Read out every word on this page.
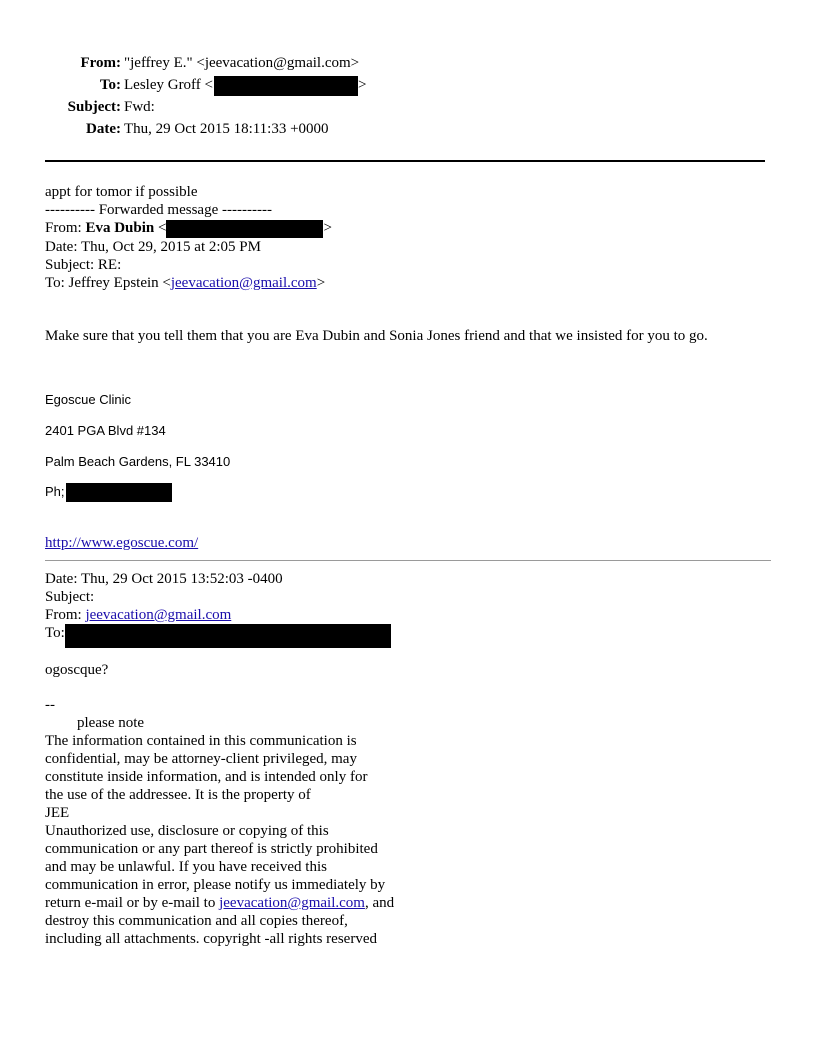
From: "jeffrey E." <jeevacation@gmail.com>
To: Lesley Groff <	>
Subject: Fwd:
Date: Thu, 29 Oct 2015 18:11:33 +0000
appt for tomor if possible
---------- Forwarded message ----------
From: Eva Dubin <	>
Date: Thu, Oct 29, 2015 at 2:05 PM
Subject: RE:
To: Jeffrey Epstein <jeevacation@gmail.com>
Make sure that you tell them that you are Eva Dubin and Sonia Jones friend and that we insisted for you to go.
Egoscue Clinic
2401 PGA Blvd #134
Palm Beach Gardens, FL 33410
Ph;
http://www.egoscue.com/
Date: Thu, 29 Oct 2015 13:52:03 -0400
Subject:
From: jeevacation@gmail.com
To:
ogoscque?
--
please note
The information contained in this communication is
confidential, may be attorney-client privileged, may
constitute inside information, and is intended only for
the use of the addressee. It is the property of
JEE
Unauthorized use, disclosure or copying of this
communication or any part thereof is strictly prohibited
and may be unlawful. If you have received this
communication in error, please notify us immediately by
return e-mail or by e-mail to jeevacation@gmail.com, and
destroy this communication and all copies thereof,
including all attachments. copyright -all rights reserved
